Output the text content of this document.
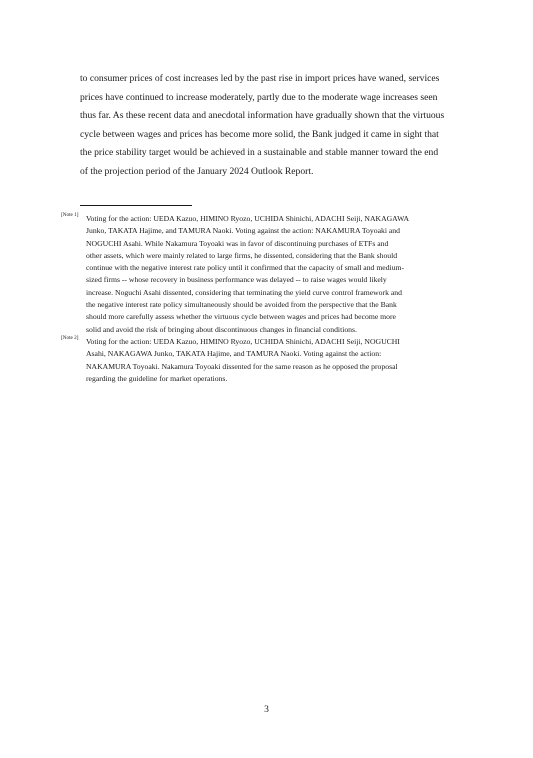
to consumer prices of cost increases led by the past rise in import prices have waned, services
prices have continued to increase moderately, partly due to the moderate wage increases seen
thus far. As these recent data and anecdotal information have gradually shown that the virtuous
cycle between wages and prices has become more solid, the Bank judged it came in sight that
the price stability target would be achieved in a sustainable and stable manner toward the end
of the projection period of the January 2024 Outlook Report.
[Note 1] Voting for the action: UEDA Kazuo, HIMINO Ryozo, UCHIDA Shinichi, ADACHI Seiji, NAKAGAWA
Junko, TAKATA Hajime, and TAMURA Naoki. Voting against the action: NAKAMURA Toyoaki and
NOGUCHI Asahi. While Nakamura Toyoaki was in favor of discontinuing purchases of ETFs and
other assets, which were mainly related to large firms, he dissented, considering that the Bank should
continue with the negative interest rate policy until it confirmed that the capacity of small and medium-
sized firms -- whose recovery in business performance was delayed -- to raise wages would likely
increase. Noguchi Asahi dissented, considering that terminating the yield curve control framework and
the negative interest rate policy simultaneously should be avoided from the perspective that the Bank
should more carefully assess whether the virtuous cycle between wages and prices had become more
solid and avoid the risk of bringing about discontinuous changes in financial conditions.
[Note 2] Voting for the action: UEDA Kazuo, HIMINO Ryozo, UCHIDA Shinichi, ADACHI Seiji, NOGUCHI
Asahi, NAKAGAWA Junko, TAKATA Hajime, and TAMURA Naoki. Voting against the action:
NAKAMURA Toyoaki. Nakamura Toyoaki dissented for the same reason as he opposed the proposal
regarding the guideline for market operations.
3
